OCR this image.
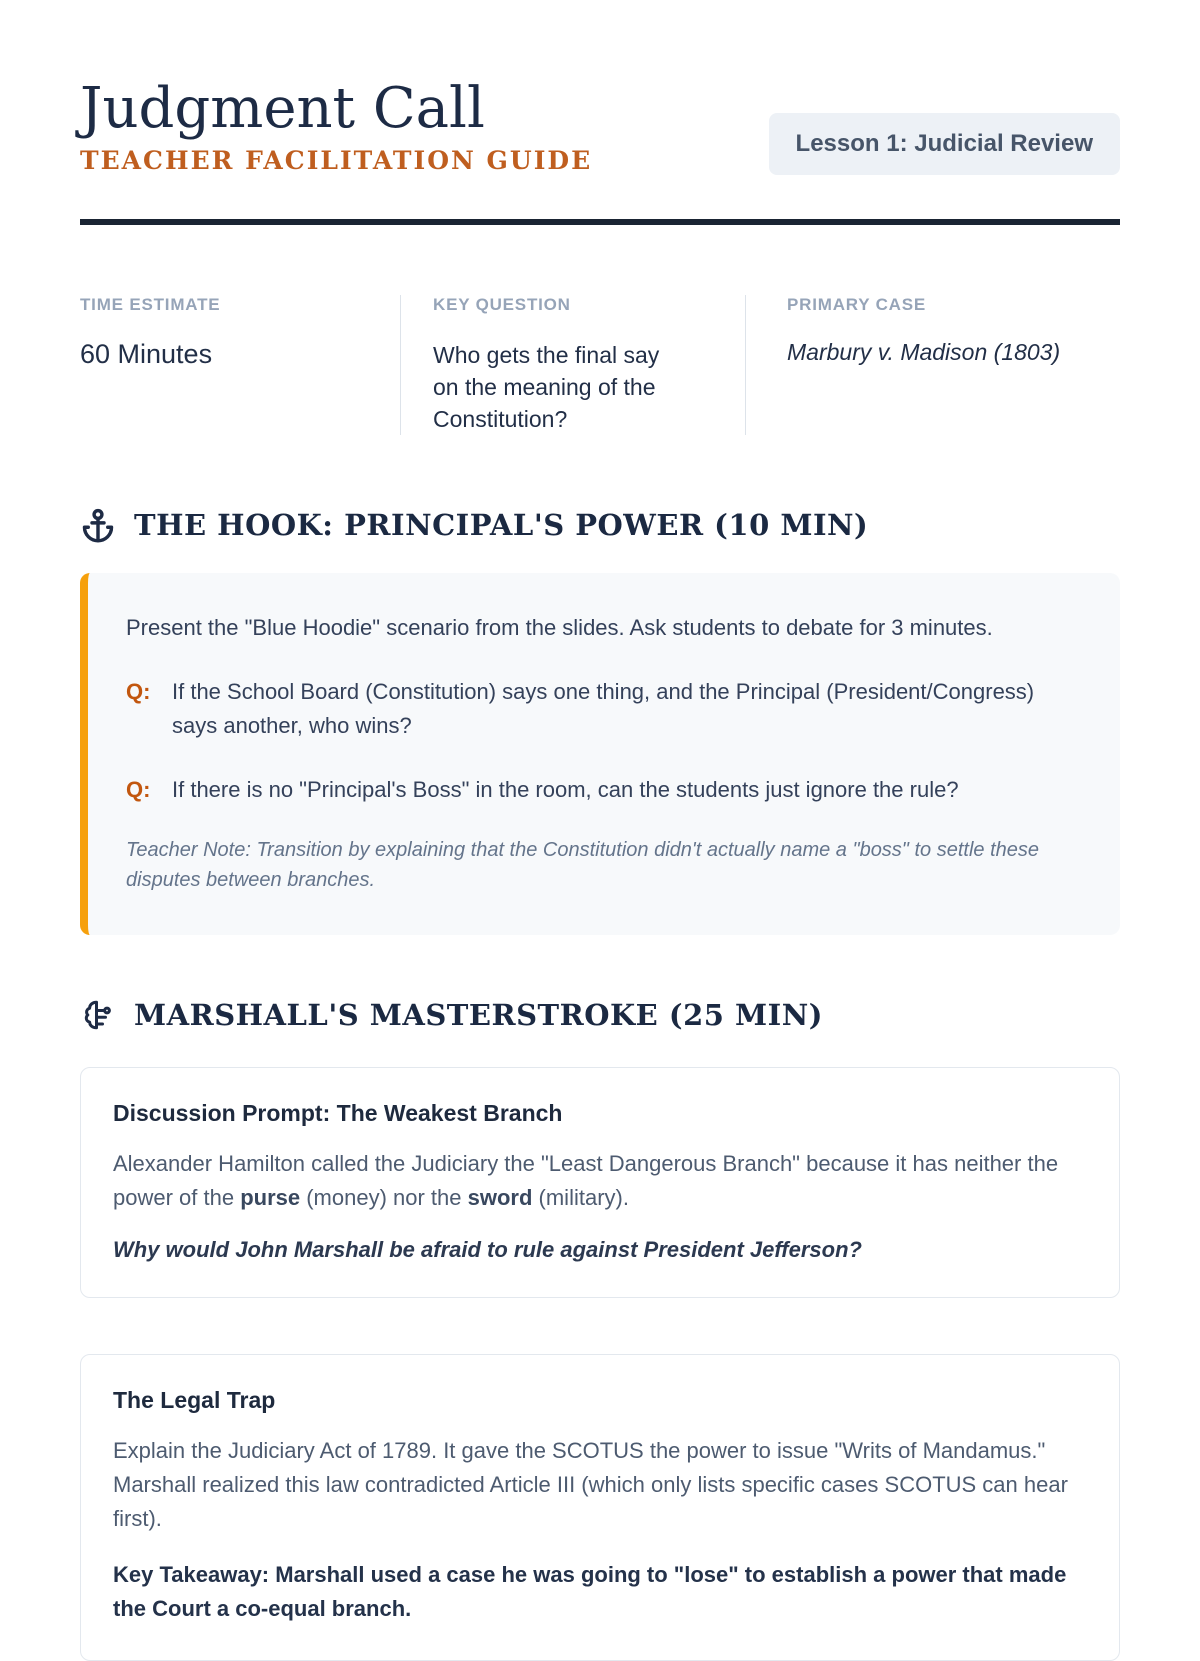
Judgment Call
TEACHER FACILITATION GUIDE
Lesson 1: Judicial Review
TIME ESTIMATE
60 Minutes
KEY QUESTION
Who gets the final say on the meaning of the Constitution?
PRIMARY CASE
Marbury v. Madison (1803)
THE HOOK: PRINCIPAL'S POWER (10 MIN)

Present the "Blue Hoodie" scenario from the slides. Ask students to debate for 3 minutes.

Q: If the School Board (Constitution) says one thing, and the Principal (President/Congress) says another, who wins?
Q: If there is no "Principal's Boss" in the room, can the students just ignore the rule?

Teacher Note: Transition by explaining that the Constitution didn't actually name a "boss" to settle these disputes between branches.

MARSHALL'S MASTERSTROKE (25 MIN)
Discussion Prompt: The Weakest Branch

Alexander Hamilton called the Judiciary the "Least Dangerous Branch" because it has neither the power of the purse (money) nor the sword (military).

Why would John Marshall be afraid to rule against President Jefferson?

The Legal Trap

Explain the Judiciary Act of 1789. It gave the SCOTUS the power to issue "Writs of Mandamus." Marshall realized this law contradicted Article III (which only lists specific cases SCOTUS can hear first).

Key Takeaway: Marshall used a case he was going to "lose" to establish a power that made the Court a co-equal branch.
